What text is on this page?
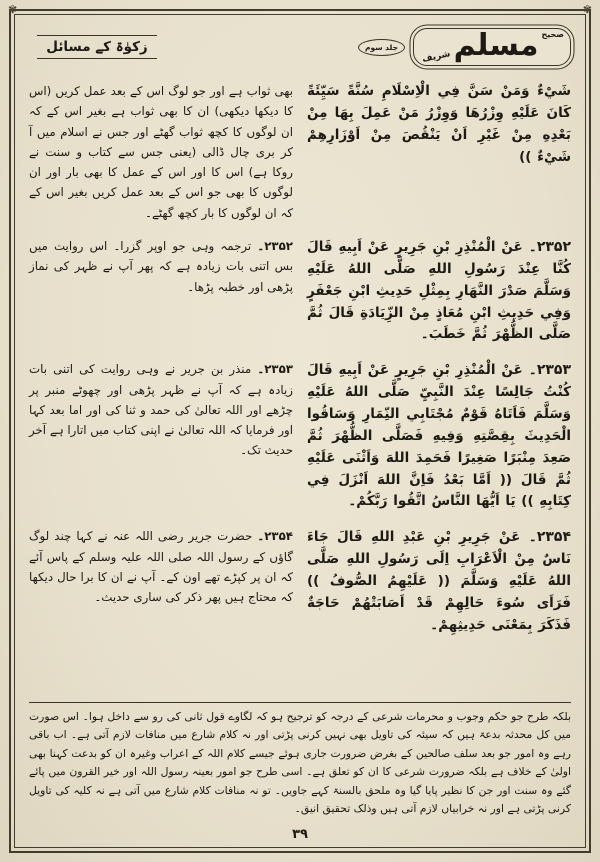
✾	✾
صحیح
مسلم
شریف
جلد سوم
زکوٰۃ کے مسائل
شَيْءٌ وَمَنْ سَنَّ فِي الْاِسْلَامِ سُنَّةً سَيِّئَةً كَانَ عَلَيْهِ وِزْرُهَا وَوِزْرُ مَنْ عَمِلَ بِهَا مِنْ بَعْدِهِ مِنْ غَيْرِ اَنْ يَنْقُصَ مِنْ اَوْزَارِهِمْ شَيْءٌ ))
بھی ثواب ہے اور جو لوگ اس کے بعد عمل کریں (اس کا دیکھا دیکھی) ان کا بھی ثواب ہے بغیر اس کے کہ ان لوگوں کا کچھ ثواب گھٹے اور جس نے اسلام میں آ کر بری چال ڈالی (یعنی جس سے کتاب و سنت نے روکا ہے) اس کا اور اس کے عمل کا بھی بار اور ان لوگوں کا بھی جو اس کے بعد عمل کریں بغیر اس کے کہ ان لوگوں کا بار کچھ گھٹے۔
۲۳۵۲۔ عَنْ الْمُنْذِرِ بْنِ جَرِيرٍ عَنْ اَبِيهِ قَالَ كُنَّا عِنْدَ رَسُولِ اللهِ صَلَّى اللهُ عَلَيْهِ وَسَلَّمَ صَدْرَ النَّهَارِ بِمِثْلِ حَدِيثِ ابْنِ جَعْفَرٍ وَفِي حَدِيثِ ابْنِ مُعَاذٍ مِنْ الزِّيَادَةِ قَالَ ثُمَّ صَلَّى الظُّهْرَ ثُمَّ خَطَبَ۔
۲۳۵۲۔ ترجمہ وہی جو اوپر گزرا۔ اس روایت میں بس اتنی بات زیادہ ہے کہ پھر آپ نے ظہر کی نماز پڑھی اور خطبہ پڑھا۔
۲۳۵۳۔ عَنْ الْمُنْذِرِ بْنِ جَرِيرٍ عَنْ اَبِيهِ قَالَ كُنْتُ جَالِسًا عِنْدَ النَّبِيِّ صَلَّى اللهُ عَلَيْهِ وَسَلَّمَ فَاَتَاهُ قَوْمٌ مُجْتَابِي النِّمَارِ وَسَاقُوا الْحَدِيثَ بِقِصَّتِهِ وَفِيهِ فَصَلَّى الظُّهْرَ ثُمَّ صَعِدَ مِنْبَرًا صَغِيرًا فَحَمِدَ اللهَ وَاَثْنَى عَلَيْهِ ثُمَّ قَالَ (( اَمَّا بَعْدُ فَاِنَّ اللهَ اَنْزَلَ فِي كِتَابِهِ )) يَا اَيُّهَا النَّاسُ اتَّقُوا رَبَّكُمْ۔
۲۳۵۳۔ منذر بن جریر نے وہی روایت کی اتنی بات زیادہ ہے کہ آپ نے ظہر پڑھی اور چھوٹے منبر پر چڑھے اور اللہ تعالیٰ کی حمد و ثنا کی اور اما بعد کہا اور فرمایا کہ اللہ تعالیٰ نے اپنی کتاب میں اتارا ہے آخر حدیث تک۔
۲۳۵۴۔ عَنْ جَرِيرِ بْنِ عَبْدِ اللهِ قَالَ جَاءَ نَاسٌ مِنْ الْاَعْرَابِ اِلَى رَسُولِ اللهِ صَلَّى اللهُ عَلَيْهِ وَسَلَّمَ (( عَلَيْهِمُ الصُّوفُ )) فَرَاَى سُوءَ حَالِهِمْ قَدْ اَصَابَتْهُمْ حَاجَةٌ فَذَكَرَ بِمَعْنَى حَدِيثِهِمْ۔
۲۳۵۴۔ حضرت جریر رضی اللہ عنہ نے کہا چند لوگ گاؤں کے رسول اللہ صلی اللہ علیہ وسلم کے پاس آئے کہ ان پر کپڑے تھے اون کے۔ آپ نے ان کا برا حال دیکھا کہ محتاج ہیں پھر ذکر کی ساری حدیث۔
بلکہ طرح جو حکم وجوب و محرمات شرعی کے درجہ کو ترجیح ہو کہ لگاوے قول ثانی کی رو سے داخل ہوا۔ اس صورت میں کل محدثہ بدعۃ ہیں کہ سیئہ کی تاویل بھی نہیں کرنی پڑتی اور نہ کلام شارع میں منافات لازم آتی ہے۔ اب باقی رہے وہ امور جو بعد سلف صالحین کے بغرض ضرورت جاری ہوئے جیسے کلام اللہ کے اعراب وغیرہ ان کو بدعت کہنا بھی اولیٰ کے خلاف ہے بلکہ ضرورت شرعی کا ان کو تعلق ہے۔ اسی طرح جو امور بعینہ رسول اللہ اور خیر القرون میں پائے گئے وہ سنت اور جن کا نظیر پایا گیا وہ ملحق بالسنۃ کہے جاویں۔ تو نہ منافات کلام شارع میں آتی ہے نہ کلیہ کی تاویل کرنی پڑتی ہے اور نہ خرابیاں لازم آتی ہیں وذلک تحقیق انیق۔
۳۹
